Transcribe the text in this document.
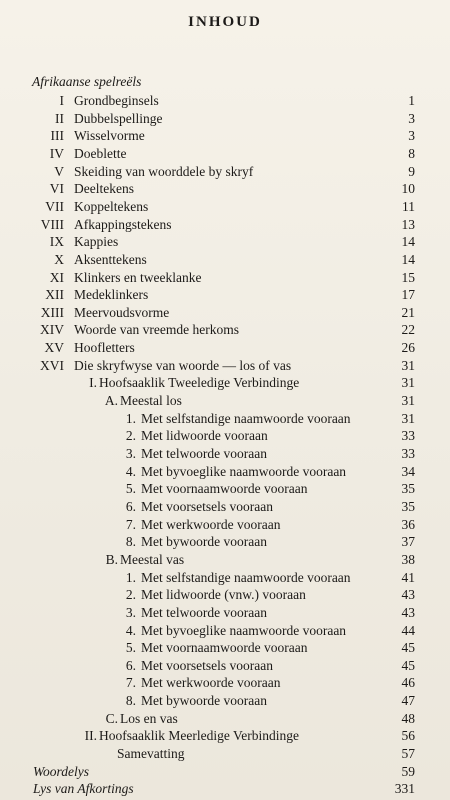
INHOUD
Afrikaanse spelreëls
I Grondbeginsels	1
II Dubbelspellinge	3
III Wisselvorme	3
IV Doeblette	8
V Skeiding van woorddele by skryf	9
VI Deeltekens	10
VII Koppeltekens	11
VIII Afkappingstekens	13
IX Kappies	14
X Aksenttekens	14
XI Klinkers en tweeklanke	15
XII Medeklinkers	17
XIII Meervoudsvorme	21
XIV Woorde van vreemde herkoms	22
XV Hoofletters	26
XVI Die skryfwyse van woorde — los of vas	31
I. Hoofsaaklik Tweeledige Verbindinge	31
A. Meestal los	31
1. Met selfstandige naamwoorde vooraan	31
2. Met lidwoorde vooraan	33
3. Met telwoorde vooraan	33
4. Met byvoeglike naamwoorde vooraan	34
5. Met voornaamwoorde vooraan	35
6. Met voorsetsels vooraan	35
7. Met werkwoorde vooraan	36
8. Met bywoorde vooraan	37
B. Meestal vas	38
1. Met selfstandige naamwoorde vooraan	41
2. Met lidwoorde (vnw.) vooraan	43
3. Met telwoorde vooraan	43
4. Met byvoeglike naamwoorde vooraan	44
5. Met voornaamwoorde vooraan	45
6. Met voorsetsels vooraan	45
7. Met werkwoorde vooraan	46
8. Met bywoorde vooraan	47
C. Los en vas	48
II. Hoofsaaklik Meerledige Verbindinge	56
Samevatting	57
Woordelys	59
Lys van Afkortings	331
